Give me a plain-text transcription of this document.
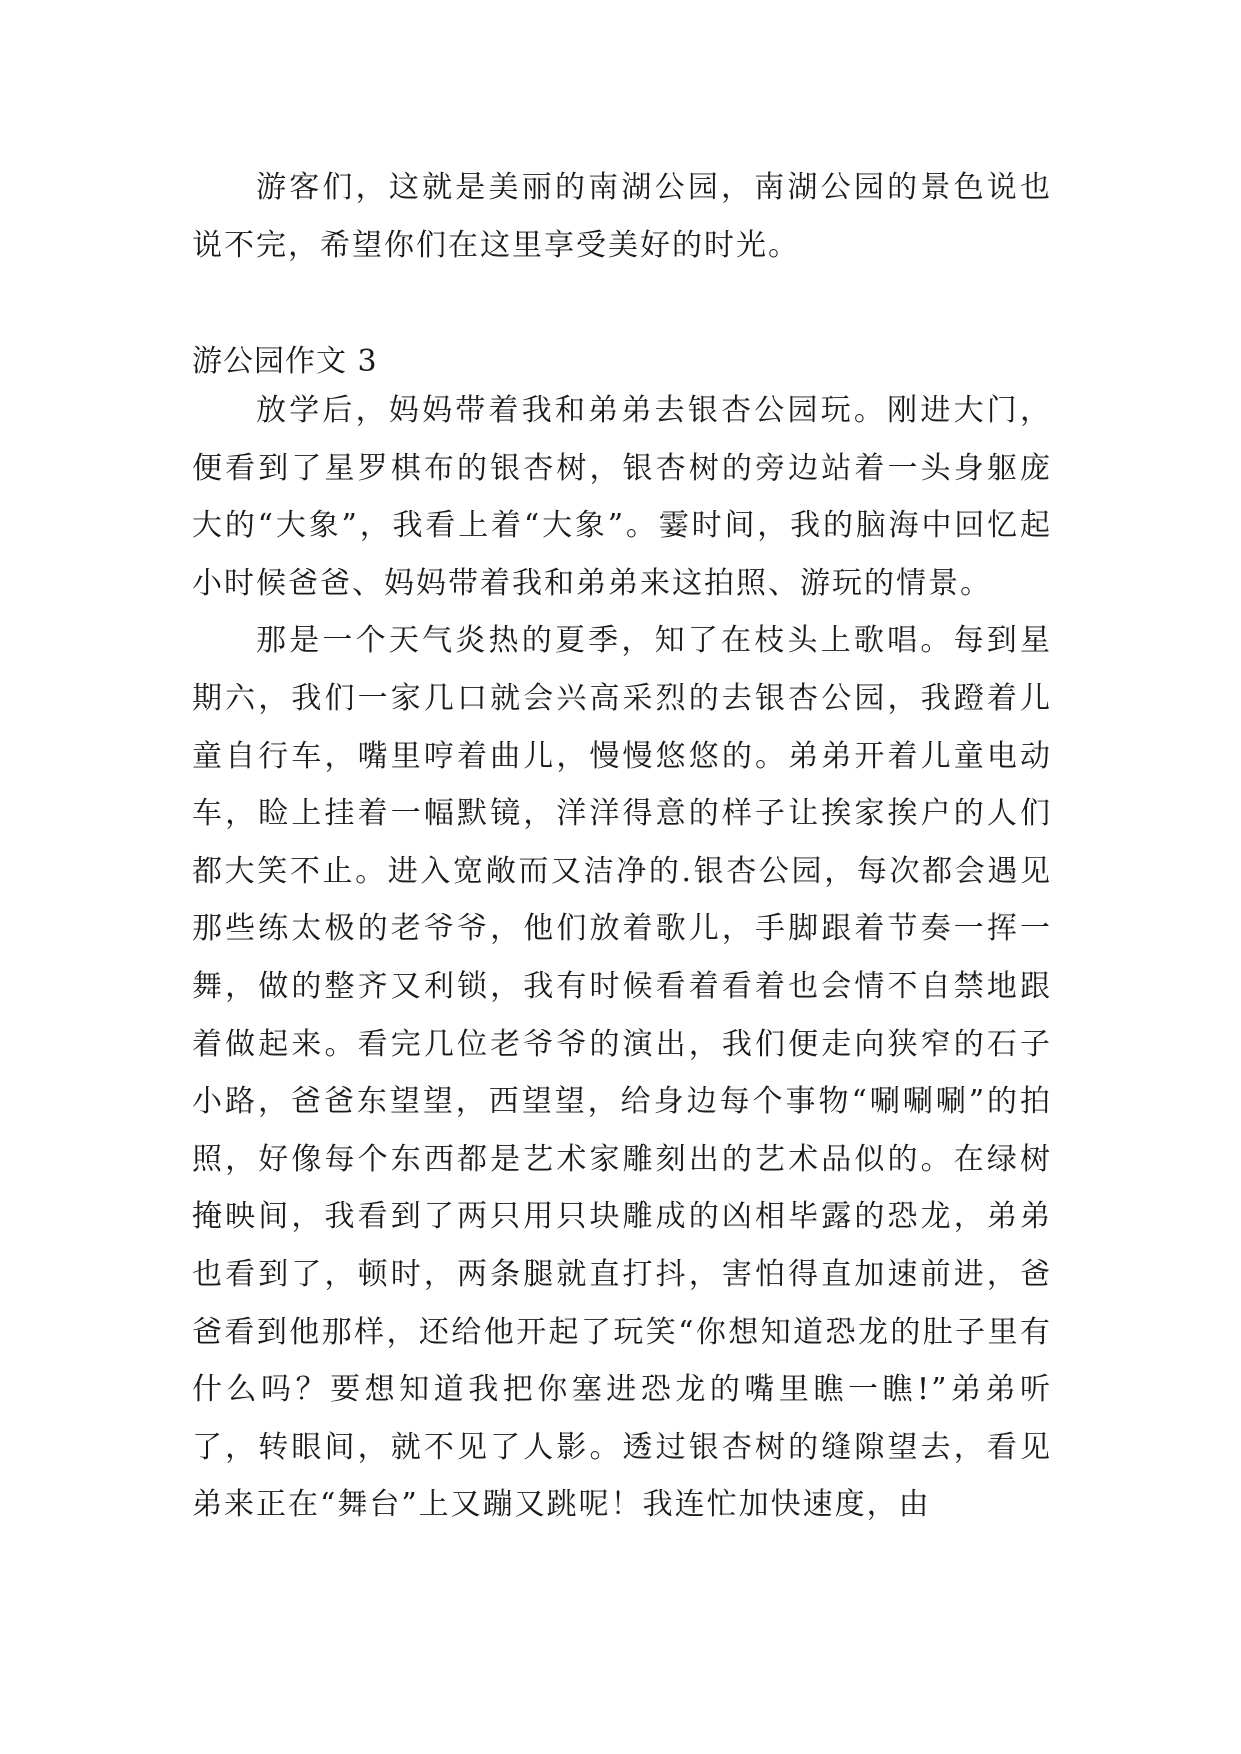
游客们，这就是美丽的南湖公园，南湖公园的景色说也说不完，希望你们在这里享受美好的时光。

游公园作文 3

放学后，妈妈带着我和弟弟去银杏公园玩。刚进大门，便看到了星罗棋布的银杏树，银杏树的旁边站着一头身躯庞大的“大象”，我看上着“大象”。霎时间，我的脑海中回忆起小时候爸爸、妈妈带着我和弟弟来这拍照、游玩的情景。

那是一个天气炎热的夏季，知了在枝头上歌唱。每到星期六，我们一家几口就会兴高采烈的去银杏公园，我蹬着儿童自行车，嘴里哼着曲儿，慢慢悠悠的。弟弟开着儿童电动车，睑上挂着一幅默镜，洋洋得意的样子让挨家挨户的人们都大笑不止。进入宽敞而又洁净的.银杏公园，每次都会遇见那些练太极的老爷爷，他们放着歌儿，手脚跟着节奏一挥一舞，做的整齐又利锁，我有时候看着看着也会情不自禁地跟着做起来。看完几位老爷爷的演出，我们便走向狭窄的石子小路，爸爸东望望，西望望，给身边每个事物“唰唰唰”的拍照，好像每个东西都是艺术家雕刻出的艺术品似的。在绿树掩映间，我看到了两只用只块雕成的凶相毕露的恐龙，弟弟也看到了，顿时，两条腿就直打抖，害怕得直加速前进，爸爸看到他那样，还给他开起了玩笑“你想知道恐龙的肚子里有什么吗？要想知道我把你塞进恐龙的嘴里瞧一瞧!”弟弟听了，转眼间，就不见了人影。透过银杏树的缝隙望去，看见弟来正在“舞台”上又蹦又跳呢！我连忙加快速度，由
